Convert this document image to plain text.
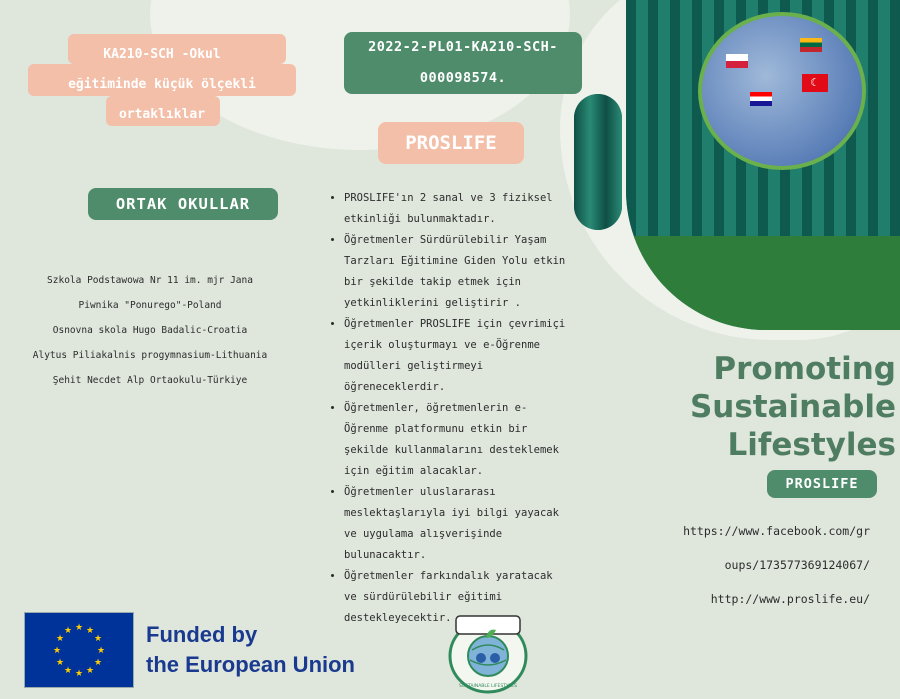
KA210-SCH -Okul eğitiminde küçük ölçekli ortaklıklar
2022-2-PL01-KA210-SCH-000098574.
PROSLIFE
ORTAK OKULLAR
Szkola Podstawowa Nr 11 im. mjr Jana Piwnika "Ponurego"-Poland
Osnovna skola Hugo Badalic-Croatia
Alytus Piliakalnis progymnasium-Lithuania
Şehit Necdet Alp Ortaokulu-Türkiye
• PROSLIFE'ın 2 sanal ve 3 fiziksel etkinliği bulunmaktadır.
• Öğretmenler Sürdürülebilir Yaşam Tarzları Eğitimine Giden Yolu etkin bir şekilde takip etmek için yetkinliklerini geliştirir .
• Öğretmenler PROSLIFE için çevrimiçi içerik oluşturmayı ve e-Öğrenme modülleri geliştirmeyi öğreneceklerdir.
• Öğretmenler, öğretmenlerin e-Öğrenme platformunu etkin bir şekilde kullanmalarını desteklemek için eğitim alacaklar.
• Öğretmenler uluslararası meslektaşlarıyla iyi bilgi yayacak ve uygulama alışverişinde bulunacaktır.
• Öğretmenler farkındalık yaratacak ve sürdürülebilir eğitimi destekleyecektir.
☾
Promoting
Sustainable
Lifestyles
PROSLIFE
https://www.facebook.com/gr
oups/173577369124067/
http://www.proslife.eu/
★ ★
★
★
★
★
★
★
★
★
★
★	Funded by
the European Union
SUSTAINABLE LIFESTYLES
